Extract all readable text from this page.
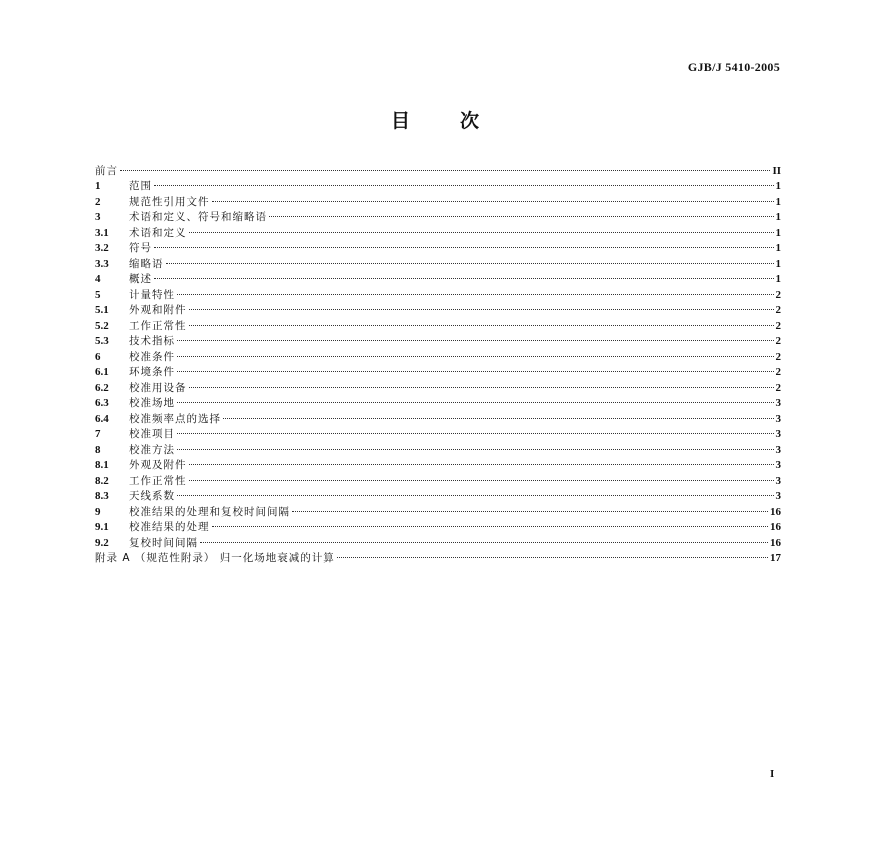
GJB/J 5410-2005
目	次
前言	II
1	范围	1
2	规范性引用文件	1
3	术语和定义、符号和缩略语	1
3.1	术语和定义	1
3.2	符号	1
3.3	缩略语	1
4	概述	1
5	计量特性	2
5.1	外观和附件	2
5.2	工作正常性	2
5.3	技术指标	2
6	校准条件	2
6.1	环境条件	2
6.2	校准用设备	2
6.3	校准场地	3
6.4	校准频率点的选择	3
7	校准项目	3
8	校准方法	3
8.1	外观及附件	3
8.2	工作正常性	3
8.3	天线系数	3
9	校准结果的处理和复校时间间隔	16
9.1	校准结果的处理	16
9.2	复校时间间隔	16
附录 A （规范性附录） 归一化场地衰减的计算	17
I
